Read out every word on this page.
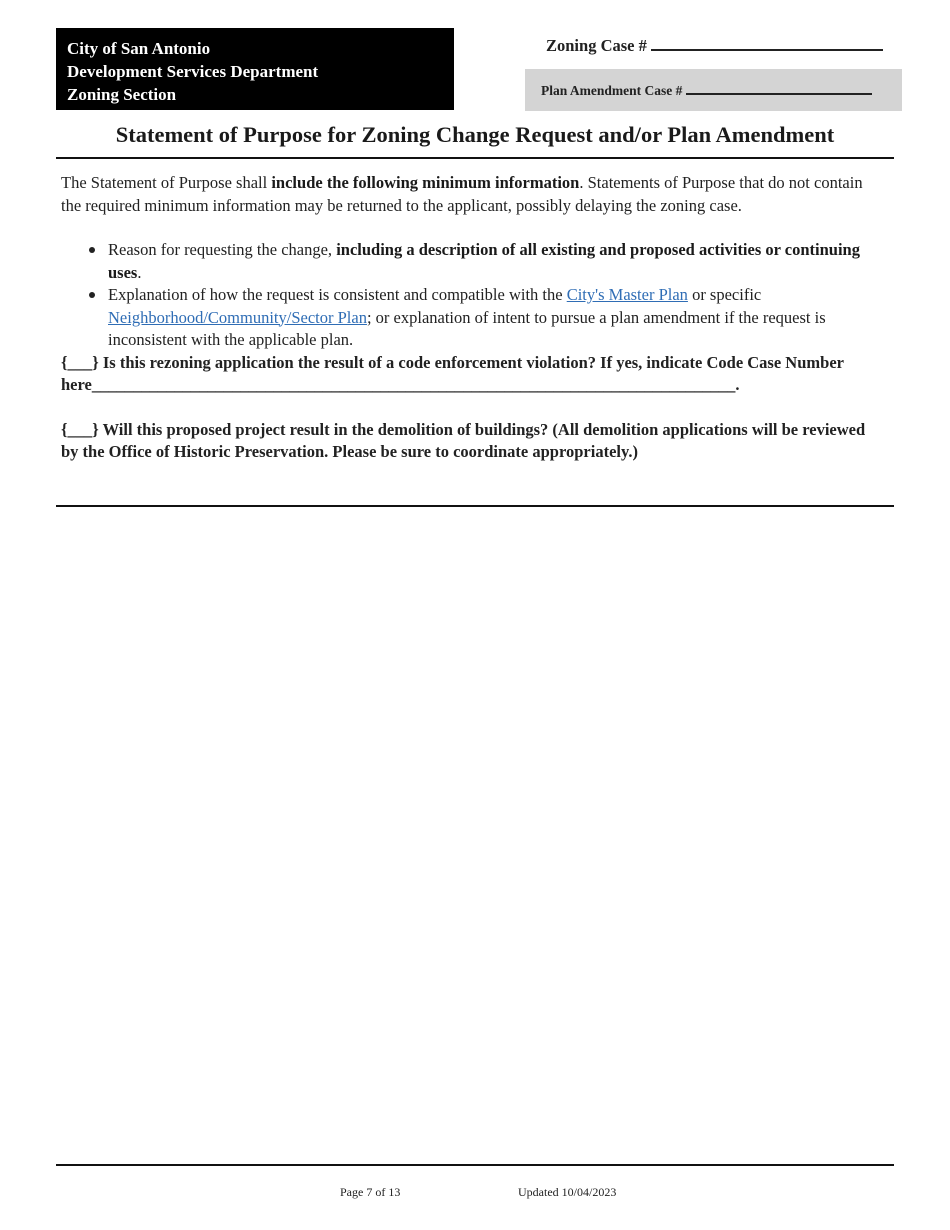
City of San Antonio
Development Services Department
Zoning Section
Zoning Case #
Plan Amendment Case #
Statement of Purpose for Zoning Change Request and/or Plan Amendment

The Statement of Purpose shall include the following minimum information. Statements of Purpose that do not contain the required minimum information may be returned to the applicant, possibly delaying the zoning case.

Reason for requesting the change, including a description of all existing and proposed activities or continuing uses.
Explanation of how the request is consistent and compatible with the City's Master Plan or specific Neighborhood/Community/Sector Plan; or explanation of intent to pursue a plan amendment if the request is inconsistent with the applicable plan.

{___} Is this rezoning application the result of a code enforcement violation? If yes, indicate Code Case Number here______________________________________________________________________________.

{___} Will this proposed project result in the demolition of buildings? (All demolition applications will be reviewed by the Office of Historic Preservation. Please be sure to coordinate appropriately.)

Page 7 of 13	Updated 10/04/2023
